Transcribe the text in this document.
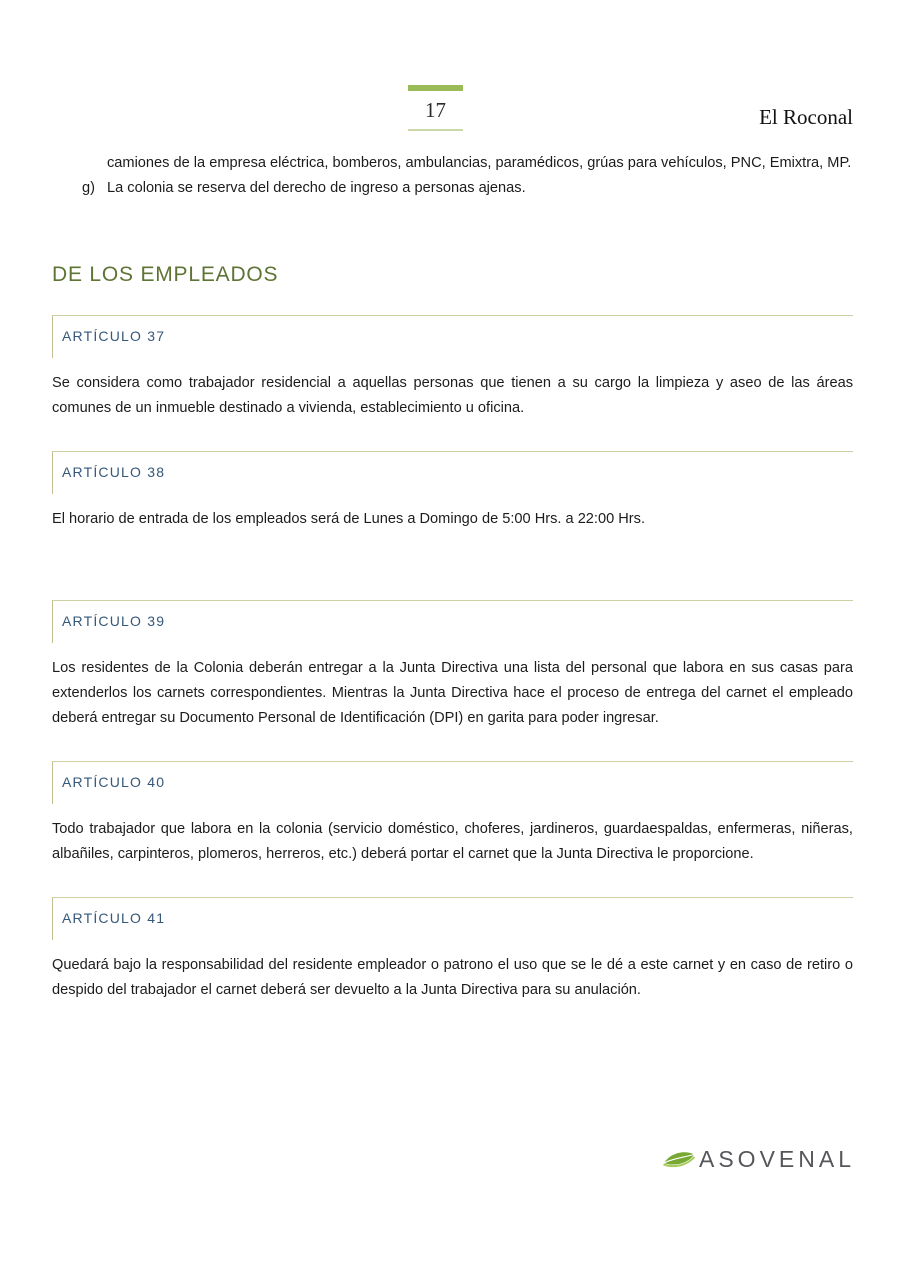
17	El Roconal

camiones de la empresa eléctrica, bomberos, ambulancias, paramédicos, grúas para vehículos, PNC, Emixtra, MP.

g) La colonia se reserva del derecho de ingreso a personas ajenas.
DE LOS EMPLEADOS
ARTÍCULO 37

Se considera como trabajador residencial a aquellas personas que tienen a su cargo la limpieza y aseo de las áreas comunes de un inmueble destinado a vivienda, establecimiento u oficina.

ARTÍCULO 38

El horario de entrada de los empleados será de Lunes a Domingo de 5:00 Hrs. a 22:00 Hrs.

ARTÍCULO 39

Los residentes de la Colonia deberán entregar a la Junta Directiva una lista del personal que labora en sus casas para extenderlos los carnets correspondientes. Mientras la Junta Directiva hace el proceso de entrega del carnet el empleado deberá entregar su Documento Personal de Identificación (DPI) en garita para poder ingresar.

ARTÍCULO 40

Todo trabajador que labora en la colonia (servicio doméstico, choferes, jardineros, guardaespaldas, enfermeras, niñeras, albañiles, carpinteros, plomeros, herreros, etc.) deberá portar el carnet que la Junta Directiva le proporcione.

ARTÍCULO 41

Quedará bajo la responsabilidad del residente empleador o patrono el uso que se le dé a este carnet y en caso de retiro o despido del trabajador el carnet deberá ser devuelto a la Junta Directiva para su anulación.

ASOVENAL
